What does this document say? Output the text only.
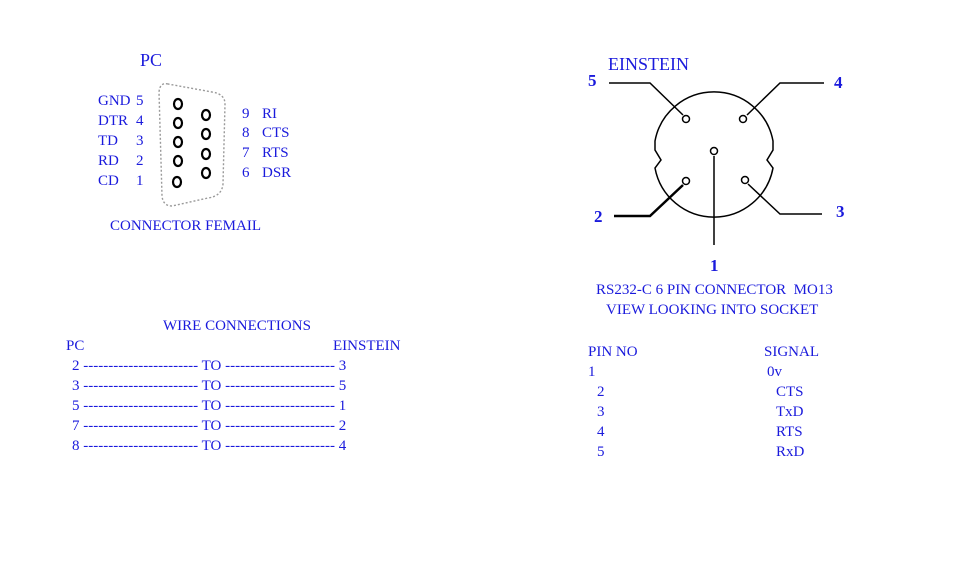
PC
GND 5
DTR 4
TD 3
RD 2
CD 1
9 RI
8 CTS
7 RTS
6 DSR
CONNECTOR FEMAIL
EINSTEIN
5	4
2	3
1
RS232-C 6 PIN CONNECTOR  MO13
VIEW LOOKING INTO SOCKET
WIRE CONNECTIONS
PC	EINSTEIN
2 ----------------------- TO ---------------------- 3
3 ----------------------- TO ---------------------- 5
5 ----------------------- TO ---------------------- 1
7 ----------------------- TO ---------------------- 2
8 ----------------------- TO ---------------------- 4
PIN NO	SIGNAL
1	0v
2	CTS
3	TxD
4	RTS
5	RxD
